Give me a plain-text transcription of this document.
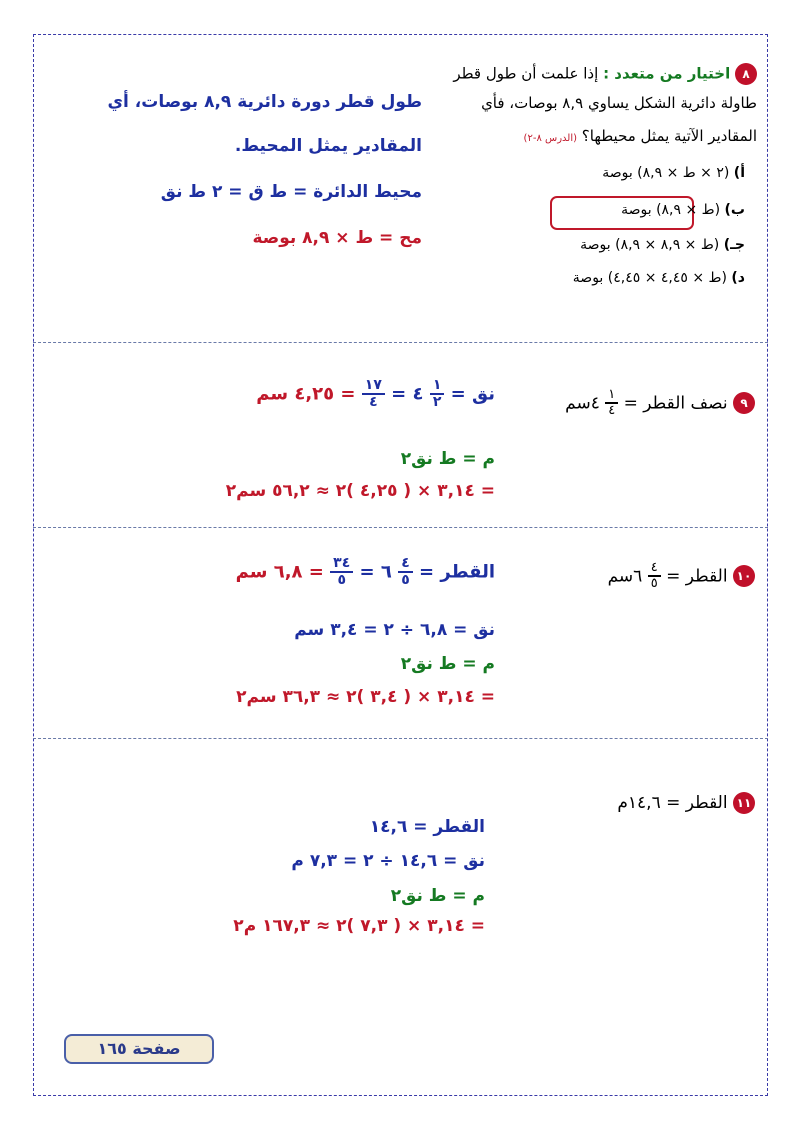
٨ اختيار من متعدد : إذا علمت أن طول قطر
طاولة دائرية الشكل يساوي ٨,٩ بوصات، فأي
المقادير الآتية يمثل محيطها؟ (الدرس ٨-٢)
أ) (٢ × ط × ٨,٩) بوصة
ب) (ط × ٨,٩) بوصة
جـ) (ط × ٨,٩ × ٨,٩) بوصة
د) (ط × ٤,٤٥ × ٤,٤٥) بوصة
طول قطر دورة دائرية ٨,٩ بوصات، أي
المقادير يمثل المحيط.
محيط الدائرة = ط ق = ٢ ط نق
مح = ط × ٨,٩ بوصة
٩ نصف القطر =
$\frac{١}{٤}$
٤سم
نق =
$\frac{١}{٢}$
٤ =
$\frac{١٧}{٤}$
= ٤,٢٥ سم
م = ط نق٢
= ٣,١٤ × ( ٤,٢٥ )٢ ≈ ٥٦,٢ سم٢
١٠ القطر =
$\frac{٤}{٥}$
٦سم
القطر =
$\frac{٤}{٥}$
٦ =
$\frac{٣٤}{٥}$
= ٦,٨ سم
نق = ٦,٨ ÷ ٢ = ٣,٤ سم
م = ط نق٢
= ٣,١٤ × ( ٣,٤ )٢ ≈ ٣٦,٣ سم٢
١١ القطر = ١٤,٦م
القطر = ١٤,٦
نق = ١٤,٦ ÷ ٢ = ٧,٣ م
م = ط نق٢
= ٣,١٤ × ( ٧,٣ )٢ ≈ ١٦٧,٣ م٢
صفحة ١٦٥
